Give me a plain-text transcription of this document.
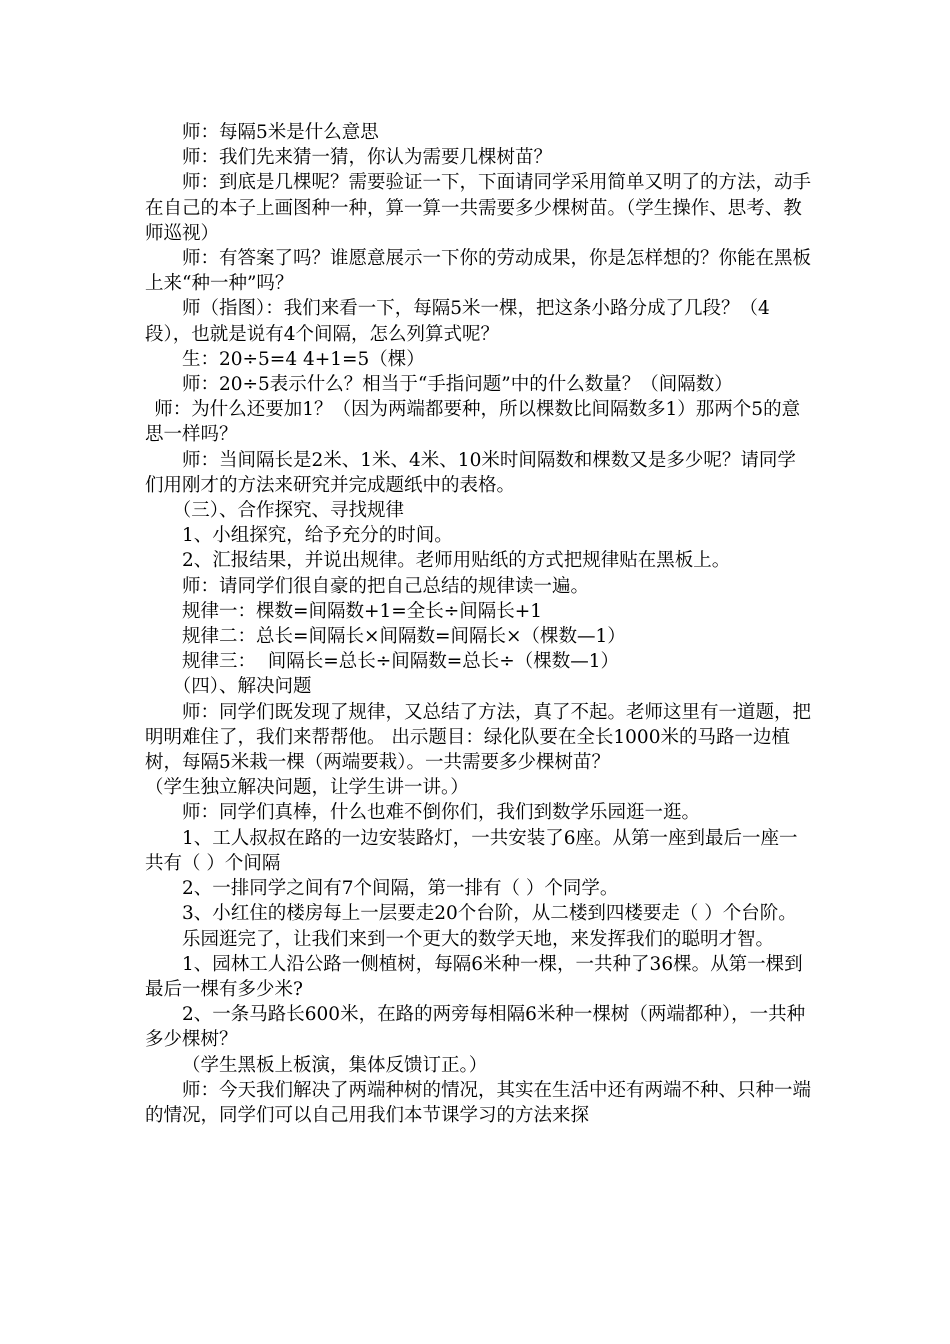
师：每隔5米是什么意思

师：我们先来猜一猜，你认为需要几棵树苗？

师：到底是几棵呢？需要验证一下，下面请同学采用简单又明了的方法，动手在自己的本子上画图种一种，算一算一共需要多少棵树苗。（学生操作、思考、教师巡视）

师：有答案了吗？谁愿意展示一下你的劳动成果，你是怎样想的？你能在黑板上来“种一种”吗？

师（指图）：我们来看一下，每隔5米一棵，把这条小路分成了几段？（4段），也就是说有4个间隔，怎么列算式呢？

生：20÷5=4 4+1=5（棵）

师：20÷5表示什么？相当于“手指问题”中的什么数量？（间隔数）

师：为什么还要加1？（因为两端都要种，所以棵数比间隔数多1）那两个5的意思一样吗？

师：当间隔长是2米、1米、4米、10米时间隔数和棵数又是多少呢？请同学们用刚才的方法来研究并完成题纸中的表格。

（三）、合作探究、寻找规律

1、小组探究，给予充分的时间。

2、汇报结果，并说出规律。老师用贴纸的方式把规律贴在黑板上。

师：请同学们很自豪的把自己总结的规律读一遍。

规律一：棵数=间隔数+1=全长÷间隔长+1

规律二：总长=间隔长×间隔数=间隔长×（棵数—1）

规律三：  间隔长=总长÷间隔数=总长÷（棵数—1）

（四）、解决问题

师：同学们既发现了规律，又总结了方法，真了不起。老师这里有一道题，把明明难住了，我们来帮帮他。 出示题目：绿化队要在全长1000米的马路一边植树，每隔5米栽一棵（两端要栽）。一共需要多少棵树苗？

（学生独立解决问题，让学生讲一讲。）

师：同学们真棒，什么也难不倒你们，我们到数学乐园逛一逛。

1、工人叔叔在路的一边安装路灯，一共安装了6座。从第一座到最后一座一共有（ ）个间隔

2、一排同学之间有7个间隔，第一排有（ ）个同学。

3、小红住的楼房每上一层要走20个台阶，从二楼到四楼要走（ ）个台阶。

乐园逛完了，让我们来到一个更大的数学天地，来发挥我们的聪明才智。

1、园林工人沿公路一侧植树，每隔6米种一棵，一共种了36棵。从第一棵到最后一棵有多少米?

2、一条马路长600米，在路的两旁每相隔6米种一棵树（两端都种），一共种多少棵树？

（学生黑板上板演，集体反馈订正。）

师：今天我们解决了两端种树的情况，其实在生活中还有两端不种、只种一端的情况，同学们可以自己用我们本节课学习的方法来探
